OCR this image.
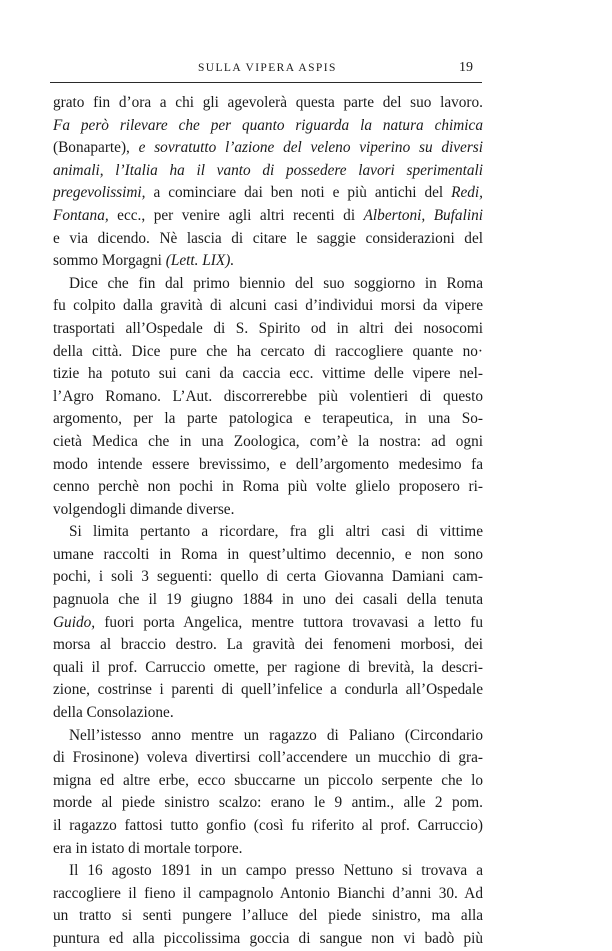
SULLA VIPERA ASPIS	19
grato fin d’ora a chi gli agevolerà questa parte del suo lavoro.
Fa però rilevare che per quanto riguarda la natura chimica
(Bonaparte), e sovratutto l’azione del veleno viperino su diversi
animali, l’Italia ha il vanto di possedere lavori sperimentali
pregevolissimi, a cominciare dai ben noti e più antichi del Redi,
Fontana, ecc., per venire agli altri recenti di Albertoni, Bufalini
e via dicendo. Nè lascia di citare le saggie considerazioni del
sommo Morgagni (Lett. LIX).
Dice che fin dal primo biennio del suo soggiorno in Roma
fu colpito dalla gravità di alcuni casi d’individui morsi da vipere
trasportati all’Ospedale di S. Spirito od in altri dei nosocomi
della città. Dice pure che ha cercato di raccogliere quante no·
tizie ha potuto sui cani da caccia ecc. vittime delle vipere nel-
l’Agro Romano. L’Aut. discorrerebbe più volentieri di questo
argomento, per la parte patologica e terapeutica, in una So-
cietà Medica che in una Zoologica, com’è la nostra: ad ogni
modo intende essere brevissimo, e dell’argomento medesimo fa
cenno perchè non pochi in Roma più volte glielo proposero ri-
volgendogli dimande diverse.
Si limita pertanto a ricordare, fra gli altri casi di vittime
umane raccolti in Roma in quest’ultimo decennio, e non sono
pochi, i soli 3 seguenti: quello di certa Giovanna Damiani cam-
pagnuola che il 19 giugno 1884 in uno dei casali della tenuta
Guido, fuori porta Angelica, mentre tuttora trovavasi a letto fu
morsa al braccio destro. La gravità dei fenomeni morbosi, dei
quali il prof. Carruccio omette, per ragione di brevità, la descri-
zione, costrinse i parenti di quell’infelice a condurla all’Ospedale
della Consolazione.
Nell’istesso anno mentre un ragazzo di Paliano (Circondario
di Frosinone) voleva divertirsi coll’accendere un mucchio di gra-
migna ed altre erbe, ecco sbuccarne un piccolo serpente che lo
morde al piede sinistro scalzo: erano le 9 antim., alle 2 pom.
il ragazzo fattosi tutto gonfio (così fu riferito al prof. Carruccio)
era in istato di mortale torpore.
Il 16 agosto 1891 in un campo presso Nettuno si trovava a
raccogliere il fieno il campagnolo Antonio Bianchi d’anni 30. Ad
un tratto si senti pungere l’alluce del piede sinistro, ma alla
puntura ed alla piccolissima goccia di sangue non vi badò più
